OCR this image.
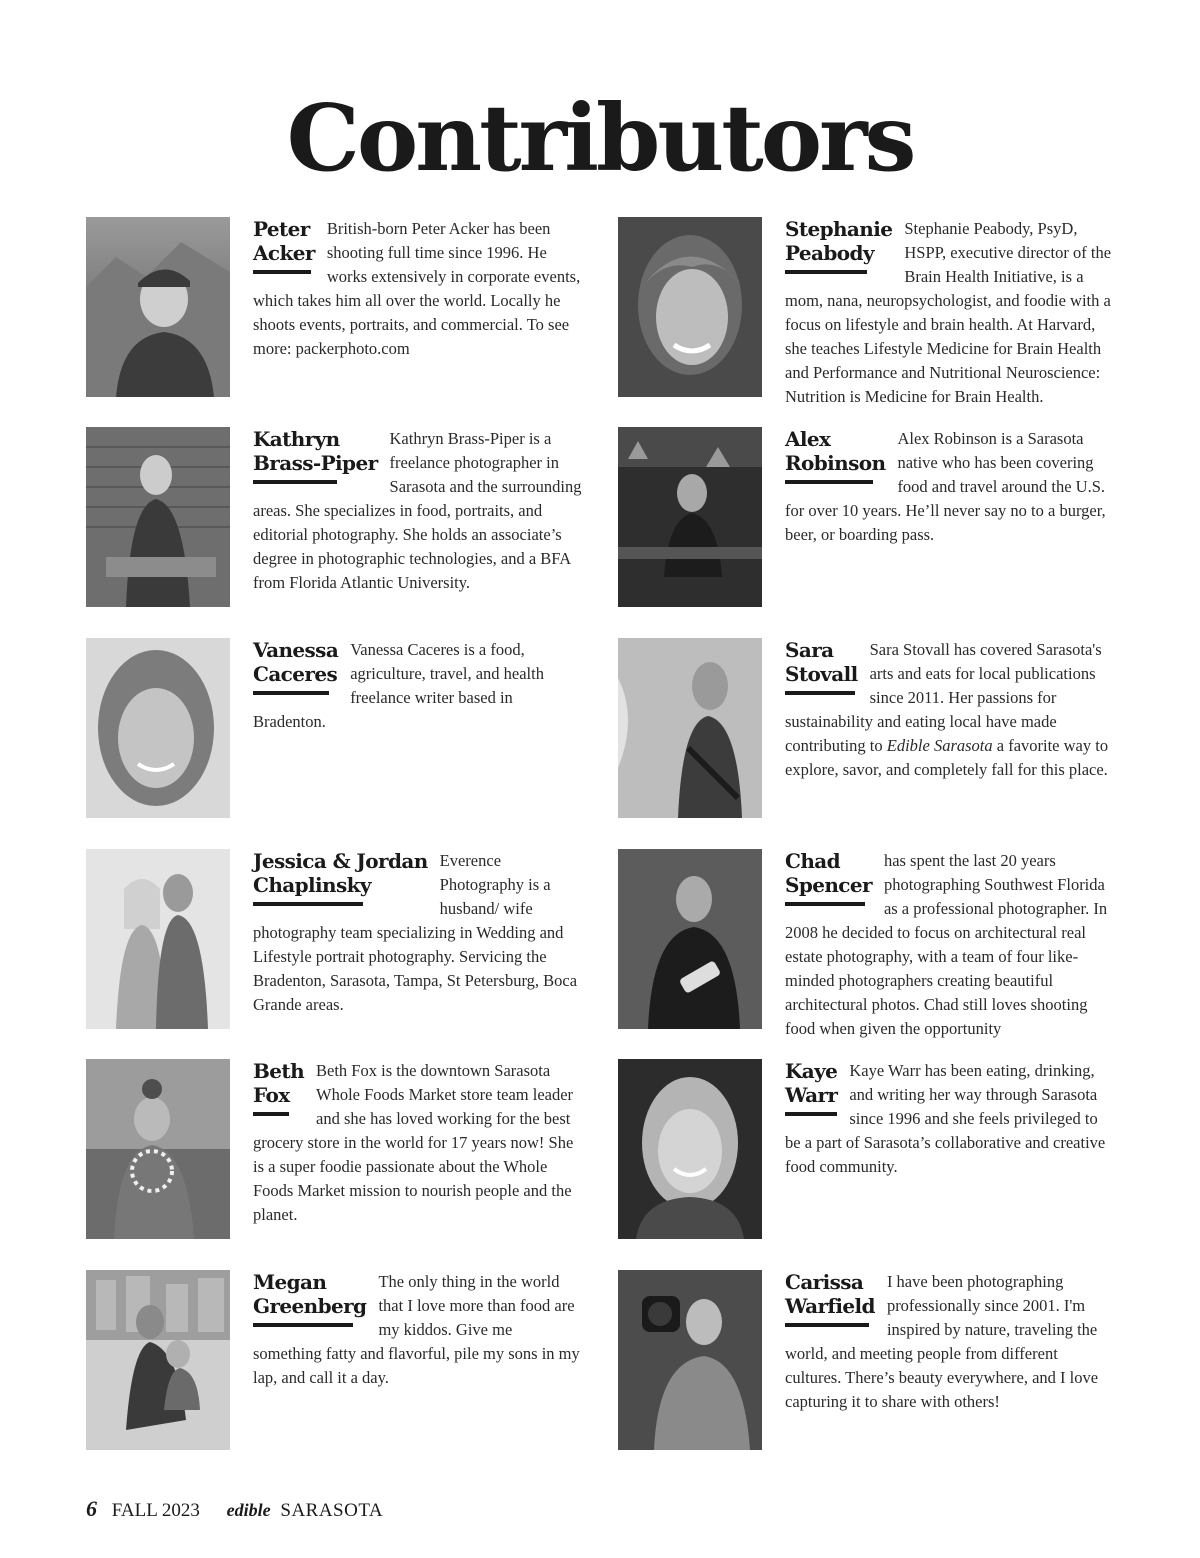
Contributors
Peter
Acker
British-born Peter Acker has been shooting full time since 1996. He works extensively in corporate events, which takes him all over the world. Locally he shoots events, portraits, and commercial. To see more: packerphoto.com
Stephanie
Peabody
Stephanie Peabody, PsyD, HSPP, executive director of the Brain Health Initiative, is a mom, nana, neuropsychologist, and foodie with a focus on lifestyle and brain health. At Harvard, she teaches Lifestyle Medicine for Brain Health and Performance and Nutritional Neuroscience: Nutrition is Medicine for Brain Health.
Kathryn
Brass-Piper
Kathryn Brass-Piper is a freelance photographer in Sarasota and the surrounding areas. She specializes in food, portraits, and editorial photography. She holds an associate’s degree in photographic technologies, and a BFA from Florida Atlantic University.
Alex
Robinson
Alex Robinson is a Sarasota native who has been covering food and travel around the U.S. for over 10 years. He’ll never say no to a burger, beer, or boarding pass.
Vanessa
Caceres
Vanessa Caceres is a food, agriculture, travel, and health freelance writer based in Bradenton.
Sara
Stovall
Sara Stovall has covered Sarasota's arts and eats for local publications since 2011. Her passions for sustainability and eating local have made contributing to Edible Sarasota a favorite way to explore, savor, and completely fall for this place.
Jessica & Jordan
Chaplinsky
Everence Photography is a husband/ wife photography team specializing in Wedding and Lifestyle portrait photography. Servicing the Bradenton, Sarasota, Tampa, St Petersburg, Boca Grande areas.
Chad
Spencer
has spent the last 20 years photographing Southwest Florida as a professional photographer. In 2008 he decided to focus on architectural real estate photography, with a team of four like-minded photographers creating beautiful architectural photos. Chad still loves shooting food when given the opportunity
Beth
Fox
Beth Fox is the downtown Sarasota Whole Foods Market store team leader and she has loved working for the best grocery store in the world for 17 years now! She is a super foodie passionate about the Whole Foods Market mission to nourish people and the planet.
Kaye
Warr
Kaye Warr has been eating, drinking, and writing her way through Sarasota since 1996 and she feels privileged to be a part of Sarasota’s collaborative and creative food community.
Megan
Greenberg
The only thing in the world that I love more than food are my kiddos. Give me something fatty and flavorful, pile my sons in my lap, and call it a day.
Carissa
Warfield
I have been photographing professionally since 2001. I'm inspired by nature, traveling the world, and meeting people from different cultures. There’s beauty everywhere, and I love capturing it to share with others!
6 FALL 2023 edible SARASOTA
